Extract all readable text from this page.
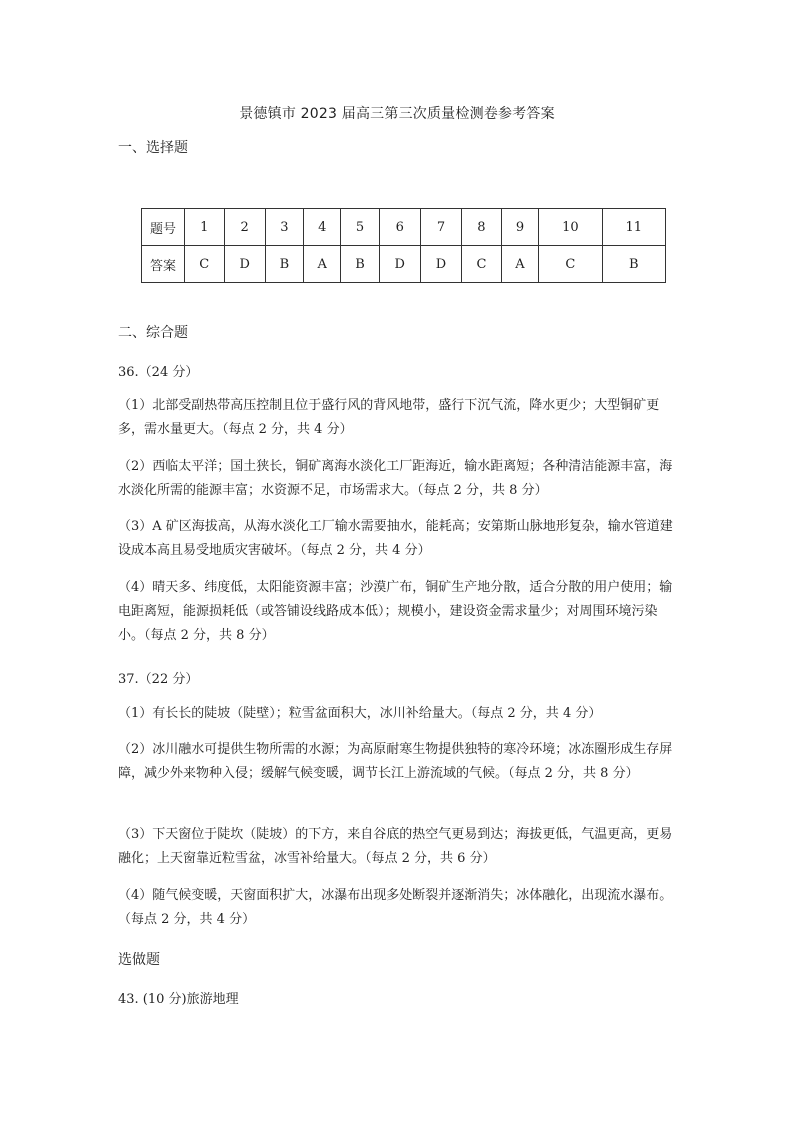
景德镇市 2023 届高三第三次质量检测卷参考答案
一、选择题
题号	1	2	3	4	5	6	7	8	9	10	11
答案	C	D	B	A	B	D	D	C	A	C	B
二、综合题
36.（24 分）

（1）北部受副热带高压控制且位于盛行风的背风地带，盛行下沉气流，降水更少；大型铜矿更多，需水量更大。（每点 2 分，共 4 分）

（2）西临太平洋；国土狭长，铜矿离海水淡化工厂距海近，输水距离短；各种清洁能源丰富，海水淡化所需的能源丰富；水资源不足，市场需求大。（每点 2 分，共 8 分）

（3）A 矿区海拔高，从海水淡化工厂输水需要抽水，能耗高；安第斯山脉地形复杂，输水管道建设成本高且易受地质灾害破坏。（每点 2 分，共 4 分）

（4）晴天多、纬度低，太阳能资源丰富；沙漠广布，铜矿生产地分散，适合分散的用户使用；输电距离短，能源损耗低（或答铺设线路成本低）；规模小，建设资金需求量少；对周围环境污染小。（每点 2 分，共 8 分）

37.（22 分）

（1）有长长的陡坡（陡壁）；粒雪盆面积大，冰川补给量大。（每点 2 分，共 4 分）

（2）冰川融水可提供生物所需的水源；为高原耐寒生物提供独特的寒冷环境；冰冻圈形成生存屏障，减少外来物种入侵；缓解气候变暖，调节长江上游流域的气候。（每点 2 分，共 8 分）

（3）下天窗位于陡坎（陡坡）的下方，来自谷底的热空气更易到达；海拔更低，气温更高，更易融化；上天窗靠近粒雪盆，冰雪补给量大。（每点 2 分，共 6 分）

（4）随气候变暖，天窗面积扩大，冰瀑布出现多处断裂并逐渐消失；冰体融化，出现流水瀑布。（每点 2 分，共 4 分）

选做题
43. (10 分)旅游地理
